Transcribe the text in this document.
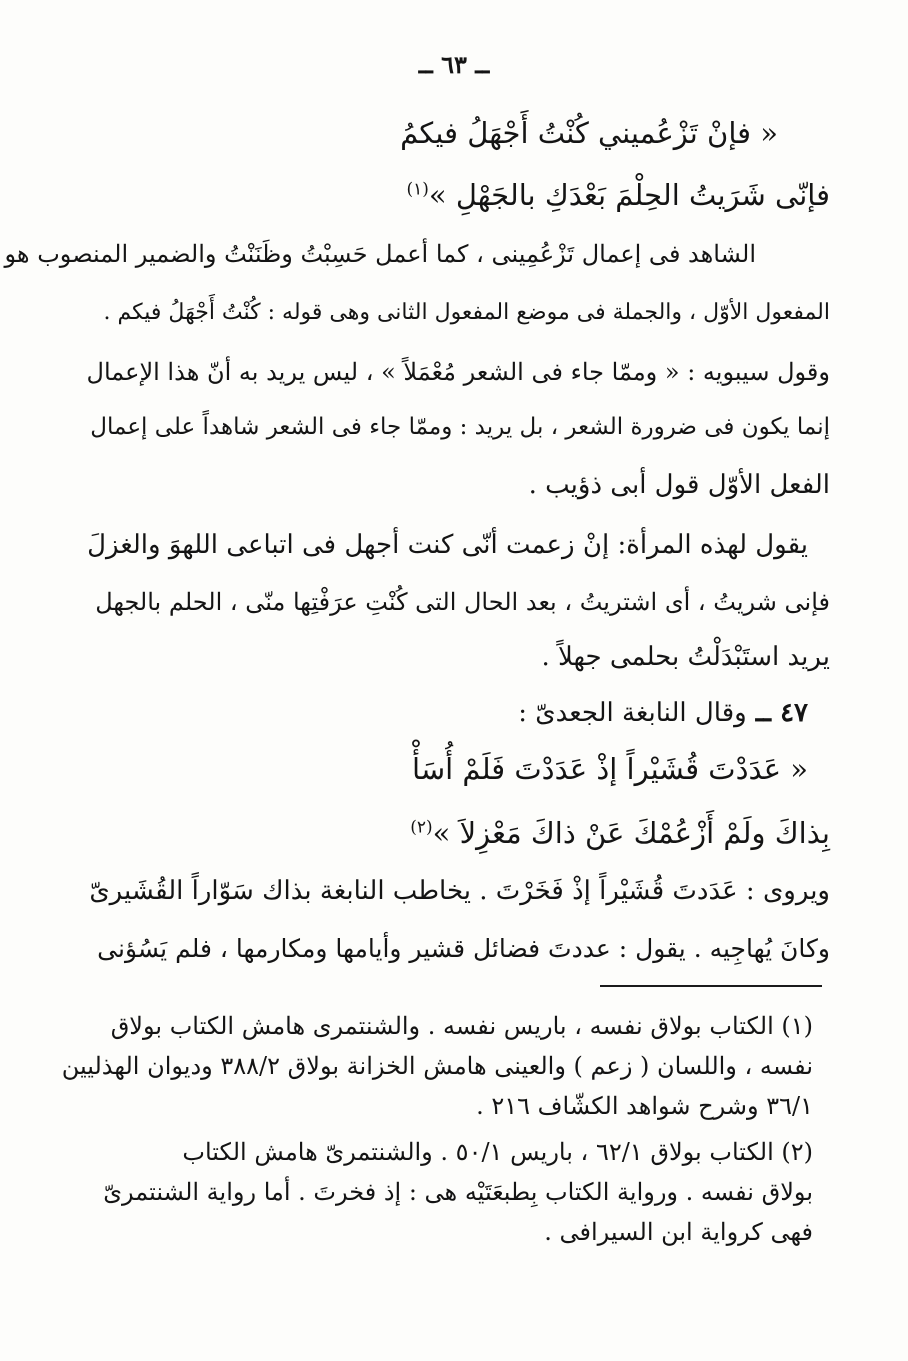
ــ ٦٣ ــ
« فإنْ تَزْعُميني كُنْتُ أَجْهَلُ فيكمُ
فإنّى شَرَيتُ الحِلْمَ بَعْدَكِ بالجَهْلِ »$^{(١)}$
الشاهد فى إعمال تَزْعُمِينى ، كما أعمل حَسِبْتُ وظَنَنْتُ والضمير المنصوب هو
المفعول الأوّل ، والجملة فى موضع المفعول الثانى وهى قوله : كُنْتُ أَجْهَلُ فيكم .
وقول سيبويه : « وممّا جاء فى الشعر مُعْمَلاً » ، ليس يريد به أنّ هذا الإعمال
إنما يكون فى ضرورة الشعر ، بل يريد : وممّا جاء فى الشعر شاهداً على إعمال
الفعل الأوّل قول أبى ذؤيب .
يقول لهذه المرأة: إنْ زعمت أنّى كنت أجهل فى اتباعى اللهوَ والغزلَ
فإنى شريتُ ، أى اشتريتُ ، بعد الحال التى كُنْتِ عرَفْتِها منّى ، الحلم بالجهل
يريد استَبْدَلْتُ بحلمى جهلاً .
٤٧ ــ وقال النابغة الجعدىّ :
« عَدَدْتَ قُشَيْراً إذْ عَدَدْتَ فَلَمْ أُسَأْ
بِذاكَ ولَمْ أَزْعُمْكَ عَنْ ذاكَ مَعْزِلاَ »$^{(٢)}$
ويروى : عَدَدتَ قُشَيْراً إذْ فَخَرْتَ . يخاطب النابغة بذاك سَوّاراً القُشَيرىّ
وكانَ يُهاجِيه . يقول : عددتَ فضائل قشير وأيامها ومكارمها ، فلم يَسُؤنى
(١) الكتاب بولاق نفسه ، باريس نفسه . والشنتمرى هامش الكتاب بولاق
نفسه ، واللسان ( زعم ) والعينى هامش الخزانة بولاق ٣٨٨/٢ وديوان الهذليين
٣٦/١ وشرح شواهد الكشّاف ٢١٦ .
(٢) الكتاب بولاق ٦٢/١ ، باريس ٥٠/١ . والشنتمرىّ هامش الكتاب
بولاق نفسه . ورواية الكتاب بِطبعَتَيْه هى : إذ فخرتَ . أما رواية الشنتمرىّ
فهى كرواية ابن السيرافى .
